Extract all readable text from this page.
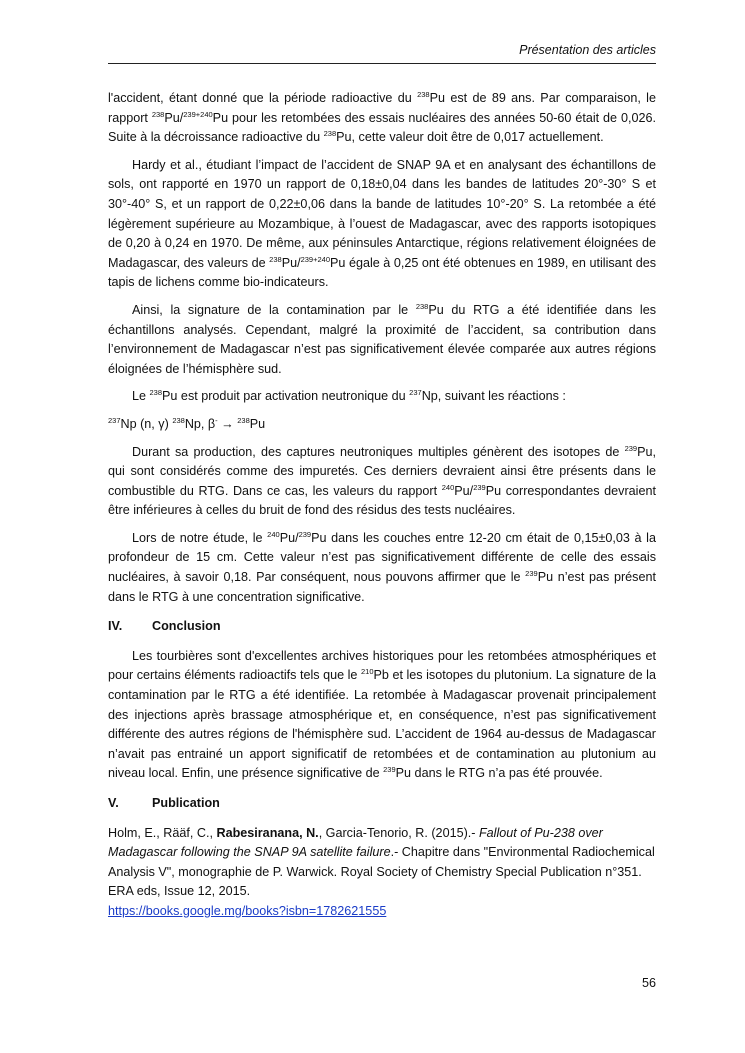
Présentation des articles

l'accident, étant donné que la période radioactive du $^{238}$Pu est de 89 ans. Par comparaison, le rapport $^{238}$Pu/$^{239+240}$Pu pour les retombées des essais nucléaires des années 50-60 était de 0,026. Suite à la décroissance radioactive du $^{238}$Pu, cette valeur doit être de 0,017 actuellement.

Hardy et al., étudiant l’impact de l’accident de SNAP 9A et en analysant des échantillons de sols, ont rapporté en 1970 un rapport de 0,18±0,04 dans les bandes de latitudes 20°-30° S et 30°-40° S, et un rapport de 0,22±0,06 dans la bande de latitudes 10°-20° S. La retombée a été légèrement supérieure au Mozambique, à l’ouest de Madagascar, avec des rapports isotopiques de 0,20 à 0,24 en 1970. De même, aux péninsules Antarctique, régions relativement éloignées de Madagascar, des valeurs de $^{238}$Pu/$^{239+240}$Pu égale à 0,25 ont été obtenues en 1989, en utilisant des tapis de lichens comme bio-indicateurs.

Ainsi, la signature de la contamination par le $^{238}$Pu du RTG a été identifiée dans les échantillons analysés. Cependant, malgré la proximité de l’accident, sa contribution dans l’environnement de Madagascar n’est pas significativement élevée comparée aux autres régions éloignées de l’hémisphère sud.

Le $^{238}$Pu est produit par activation neutronique du $^{237}$Np, suivant les réactions :

$^{237}$Np (n, γ) $^{238}$Np, β- → $^{238}$Pu

Durant sa production, des captures neutroniques multiples génèrent des isotopes de $^{239}$Pu, qui sont considérés comme des impuretés. Ces derniers devraient ainsi être présents dans le combustible du RTG. Dans ce cas, les valeurs du rapport $^{240}$Pu/$^{239}$Pu correspondantes devraient être inférieures à celles du bruit de fond des résidus des tests nucléaires.

Lors de notre étude, le $^{240}$Pu/$^{239}$Pu dans les couches entre 12-20 cm était de 0,15±0,03 à la profondeur de 15 cm. Cette valeur n’est pas significativement différente de celle des essais nucléaires, à savoir 0,18. Par conséquent, nous pouvons affirmer que le $^{239}$Pu n’est pas présent dans le RTG à une concentration significative.

IV. Conclusion

Les tourbières sont d'excellentes archives historiques pour les retombées atmosphériques et pour certains éléments radioactifs tels que le $^{210}$Pb et les isotopes du plutonium. La signature de la contamination par le RTG a été identifiée. La retombée à Madagascar provenait principalement des injections après brassage atmosphérique et, en conséquence, n’est pas significativement différente des autres régions de l'hémisphère sud. L’accident de 1964 au-dessus de Madagascar n’avait pas entrainé un apport significatif de retombées et de contamination au plutonium au niveau local. Enfin, une présence significative de $^{239}$Pu dans le RTG n’a pas été prouvée.

V.	Publication

Holm, E., Rääf, C., Rabesiranana, N., Garcia-Tenorio, R. (2015).- Fallout of Pu-238 over Madagascar following the SNAP 9A satellite failure.- Chapitre dans "Environmental Radiochemical Analysis V", monographie de P. Warwick. Royal Society of Chemistry Special Publication n°351.

ERA eds, Issue 12, 2015.

https://books.google.mg/books?isbn=1782621555

56
